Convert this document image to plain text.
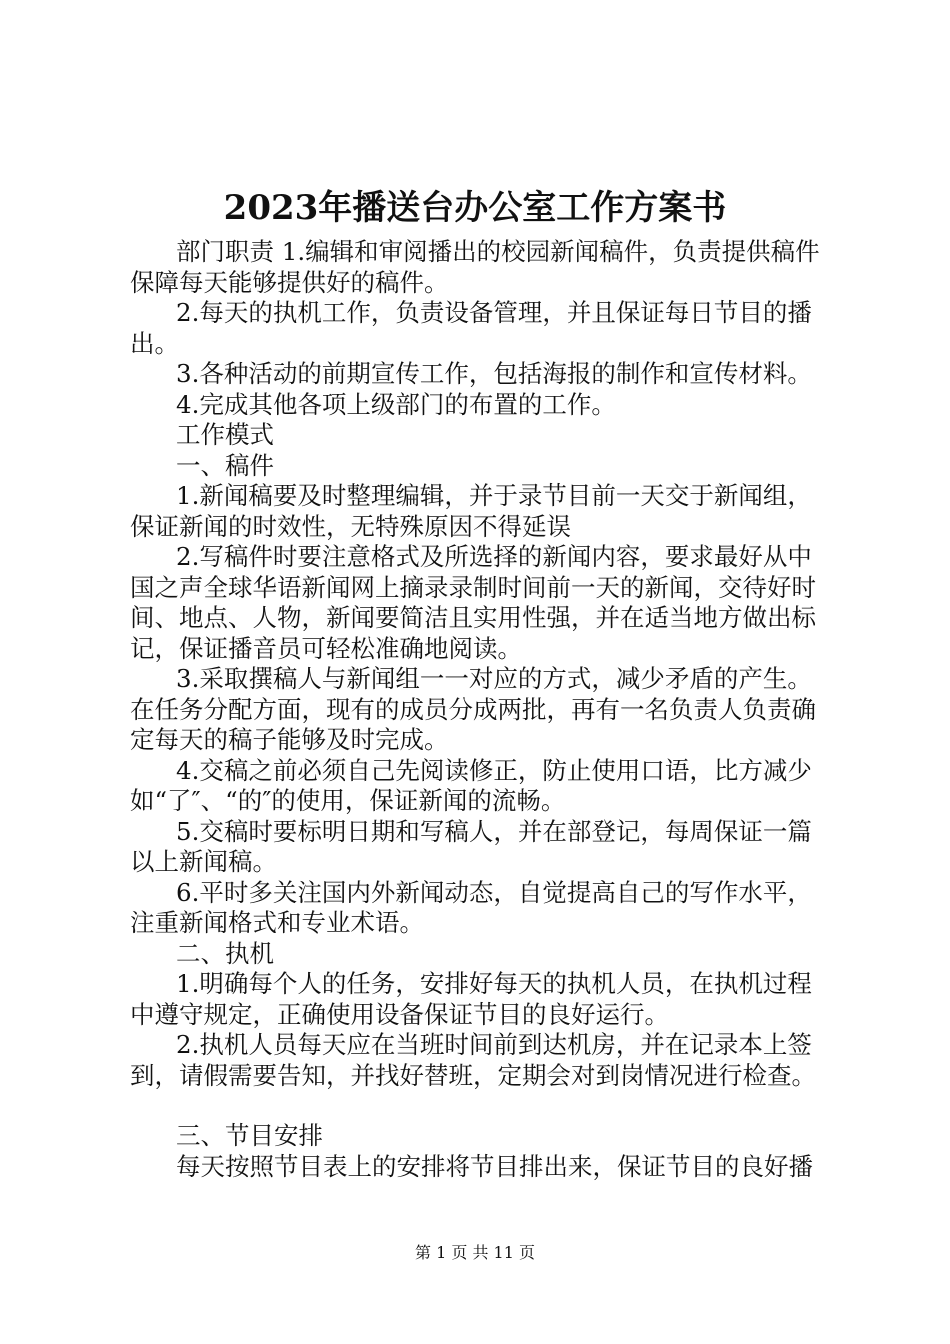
2023年播送台办公室工作方案书

部门职责 1.编辑和审阅播出的校园新闻稿件，负责提供稿件保障每天能够提供好的稿件。

2.每天的执机工作，负责设备管理，并且保证每日节目的播出。

3.各种活动的前期宣传工作，包括海报的制作和宣传材料。

4.完成其他各项上级部门的布置的工作。

工作模式

一、稿件

1.新闻稿要及时整理编辑，并于录节目前一天交于新闻组，保证新闻的时效性，无特殊原因不得延误

2.写稿件时要注意格式及所选择的新闻内容，要求最好从中国之声全球华语新闻网上摘录录制时间前一天的新闻，交待好时间、地点、人物，新闻要简洁且实用性强，并在适当地方做出标记，保证播音员可轻松准确地阅读。

3.采取撰稿人与新闻组一一对应的方式，减少矛盾的产生。在任务分配方面，现有的成员分成两批，再有一名负责人负责确定每天的稿子能够及时完成。

4.交稿之前必须自己先阅读修正，防止使用口语，比方减少如“了″、“的″的使用，保证新闻的流畅。

5.交稿时要标明日期和写稿人，并在部登记，每周保证一篇以上新闻稿。

6.平时多关注国内外新闻动态，自觉提高自己的写作水平，注重新闻格式和专业术语。

二、执机

1.明确每个人的任务，安排好每天的执机人员，在执机过程中遵守规定，正确使用设备保证节目的良好运行。

2.执机人员每天应在当班时间前到达机房，并在记录本上签到，请假需要告知，并找好替班，定期会对到岗情况进行检查。

三、节目安排

每天按照节目表上的安排将节目排出来，保证节目的良好播

第 1 页 共 11 页
